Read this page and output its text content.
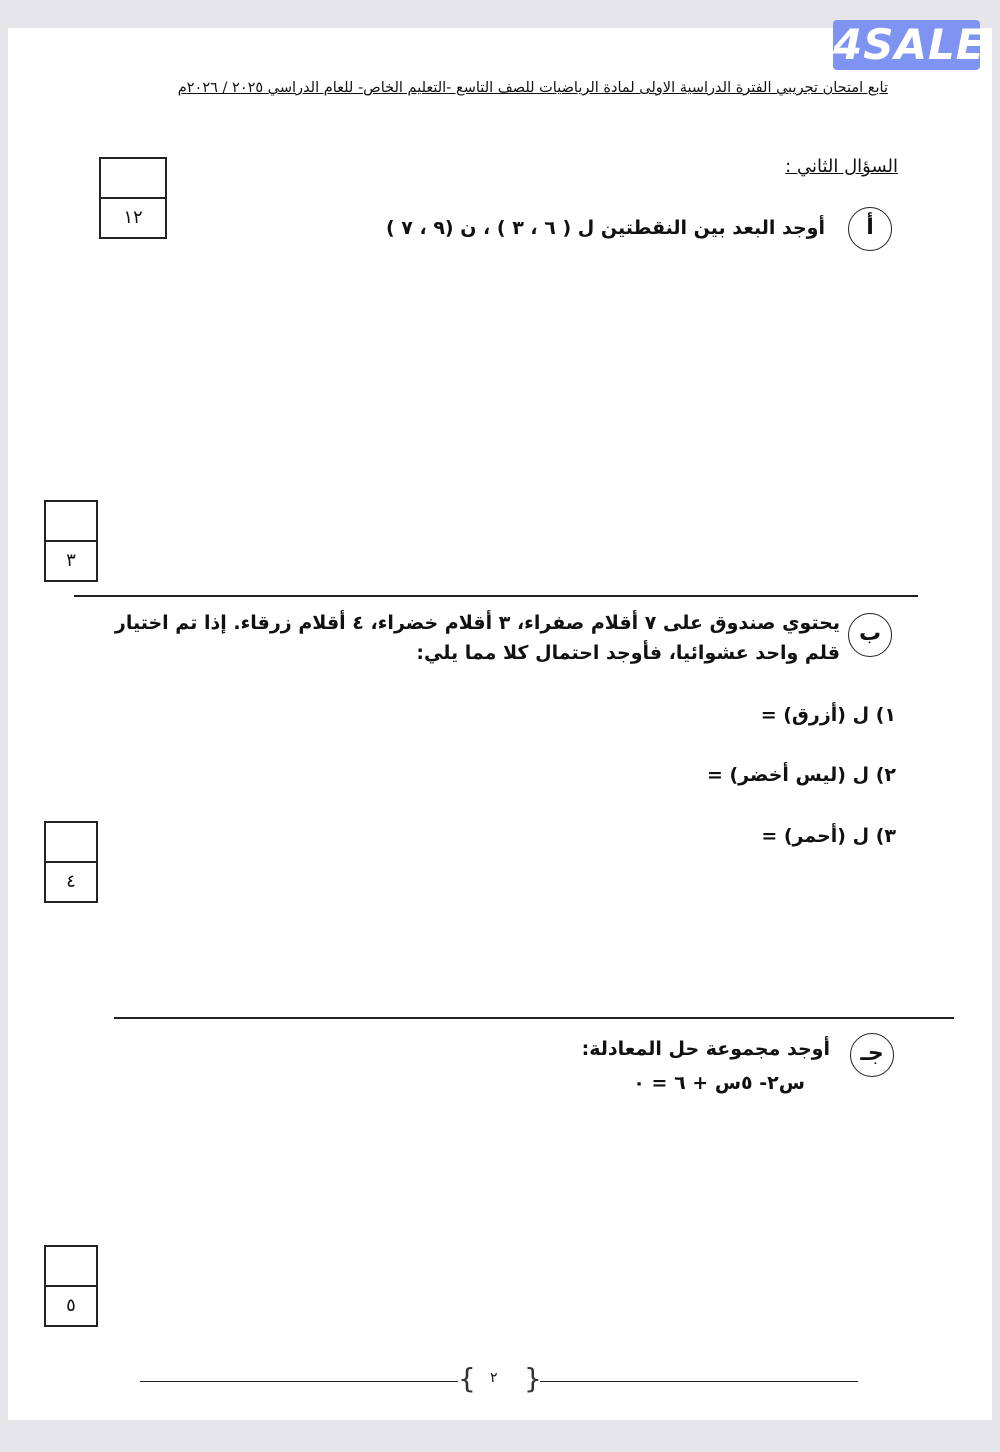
4SALE
تابع امتحان تجريبي الفترة الدراسية الاولى لمادة الرياضيات للصف التاسع -التعليم الخاص- للعام الدراسي ٢٠٢٥ / ٢٠٢٦م
السؤال الثاني :
١٢	أ
أوجد البعد بين النقطتين ل ( ٦ ، ٣ ) ، ن (٩ ، ٧ )
٣
ب
يحتوي صندوق على ٧ أقلام صفراء، ٣ أقلام خضراء، ٤ أقلام زرقاء. إذا تم اختيار
قلم واحد عشوائيا، فأوجد احتمال كلا مما يلي:
١) ل (أزرق) =
٢) ل (ليس أخضر) =
٣) ل (أحمر) =
٤
جـ
أوجد مجموعة حل المعادلة:
س٢- ٥س + ٦ = ٠
٥
{ }
٢
